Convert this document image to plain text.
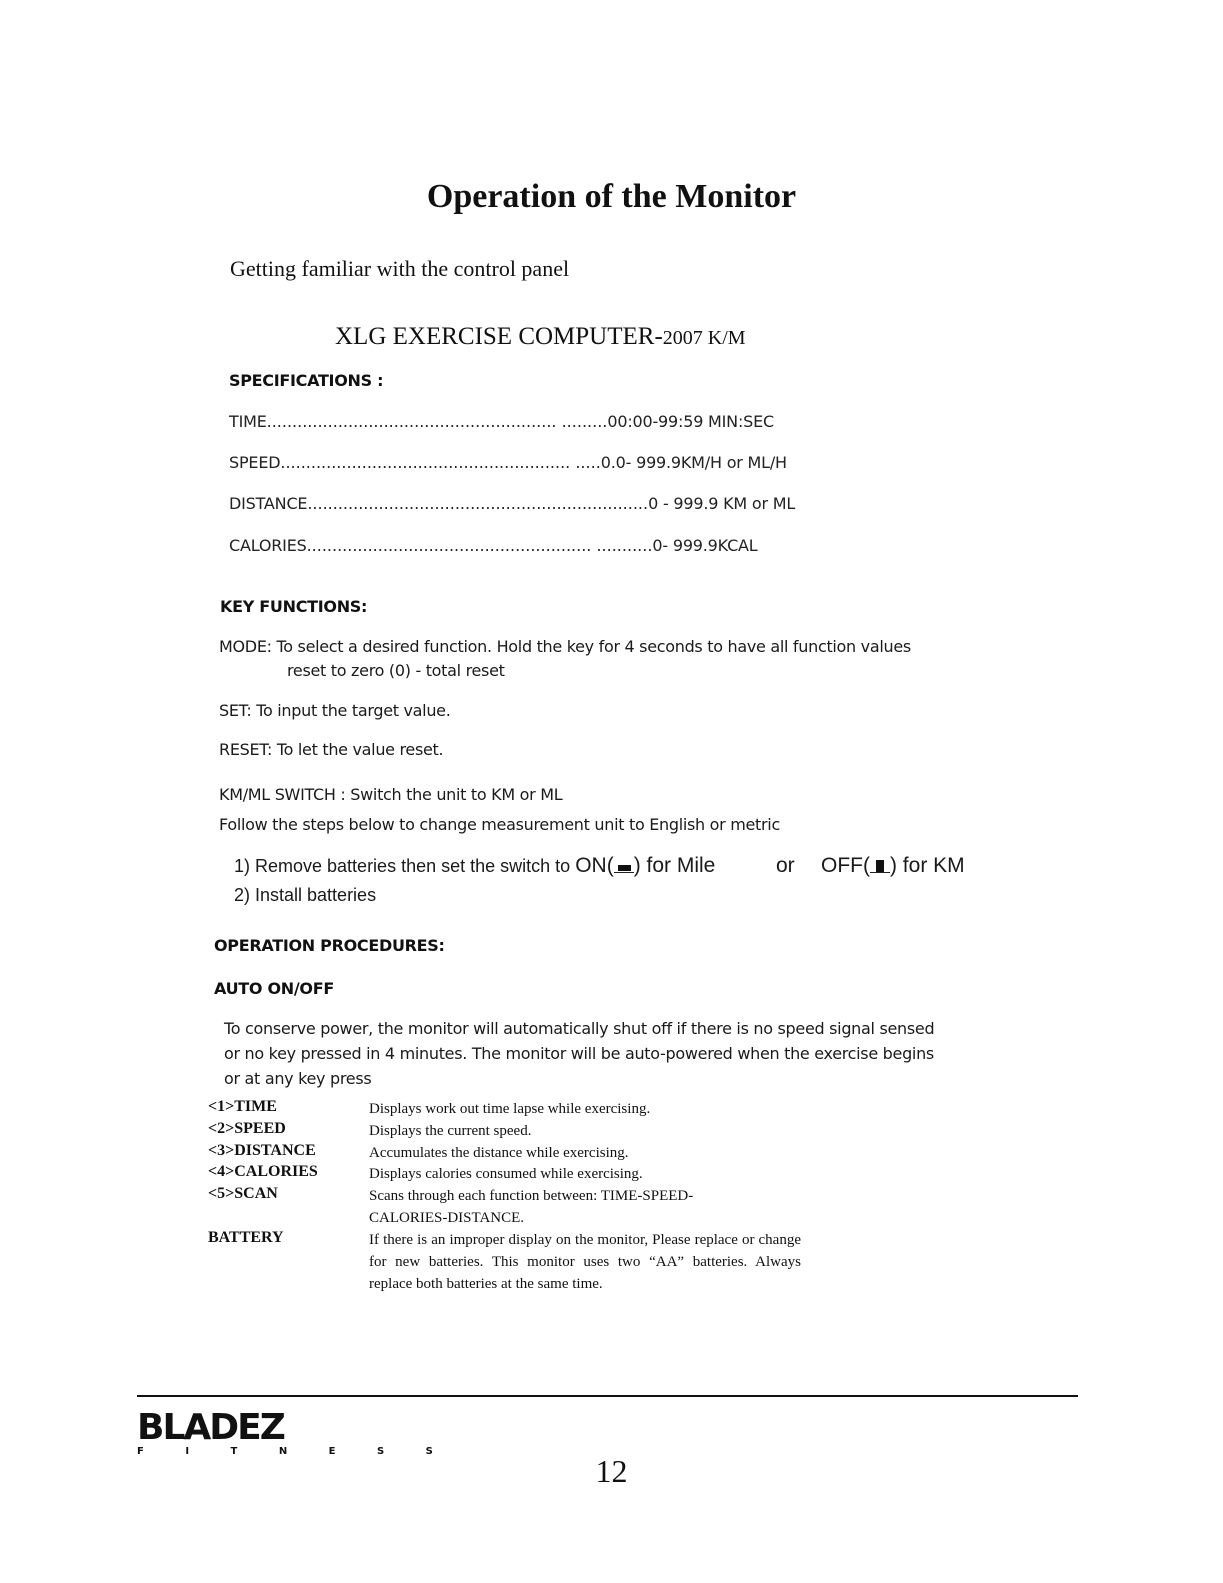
Operation of the Monitor
Getting familiar with the control panel
XLG EXERCISE COMPUTER-2007 K/M
SPECIFICATIONS :
TIME......................................................... .........00:00-99:59 MIN:SEC
SPEED......................................................... .....0.0- 999.9KM/H or ML/H
DISTANCE...................................................................0 - 999.9 KM or ML
CALORIES........................................................ ...........0- 999.9KCAL
KEY FUNCTIONS:
MODE: To select a desired function. Hold the key for 4 seconds to have all function values
reset to zero (0) - total reset
SET: To input the target value.
RESET: To let the value reset.
KM/ML SWITCH : Switch the unit to KM or ML
Follow the steps below to change measurement unit to English or metric
1) Remove batteries then set the switch to ON( ) for Mile	or OFF( ) for KM
2) Install batteries
OPERATION PROCEDURES:
AUTO ON/OFF
To conserve power, the monitor will automatically shut off if there is no speed signal sensed
or no key pressed in 4 minutes. The monitor will be auto-powered when the exercise begins
or at any key press
<1>TIME	Displays work out time lapse while exercising.
<2>SPEED	Displays the current speed.
<3>DISTANCE	Accumulates the distance while exercising.
<4>CALORIES	Displays calories consumed while exercising.
<5>SCAN	Scans through each function between: TIME-SPEED-CALORIES-DISTANCE.
BATTERY	If there is an improper display on the monitor, Please replace or change for new batteries. This monitor uses two “AA” batteries. Always replace both batteries at the same time.
BLADEZ
F I T N E S S
12
